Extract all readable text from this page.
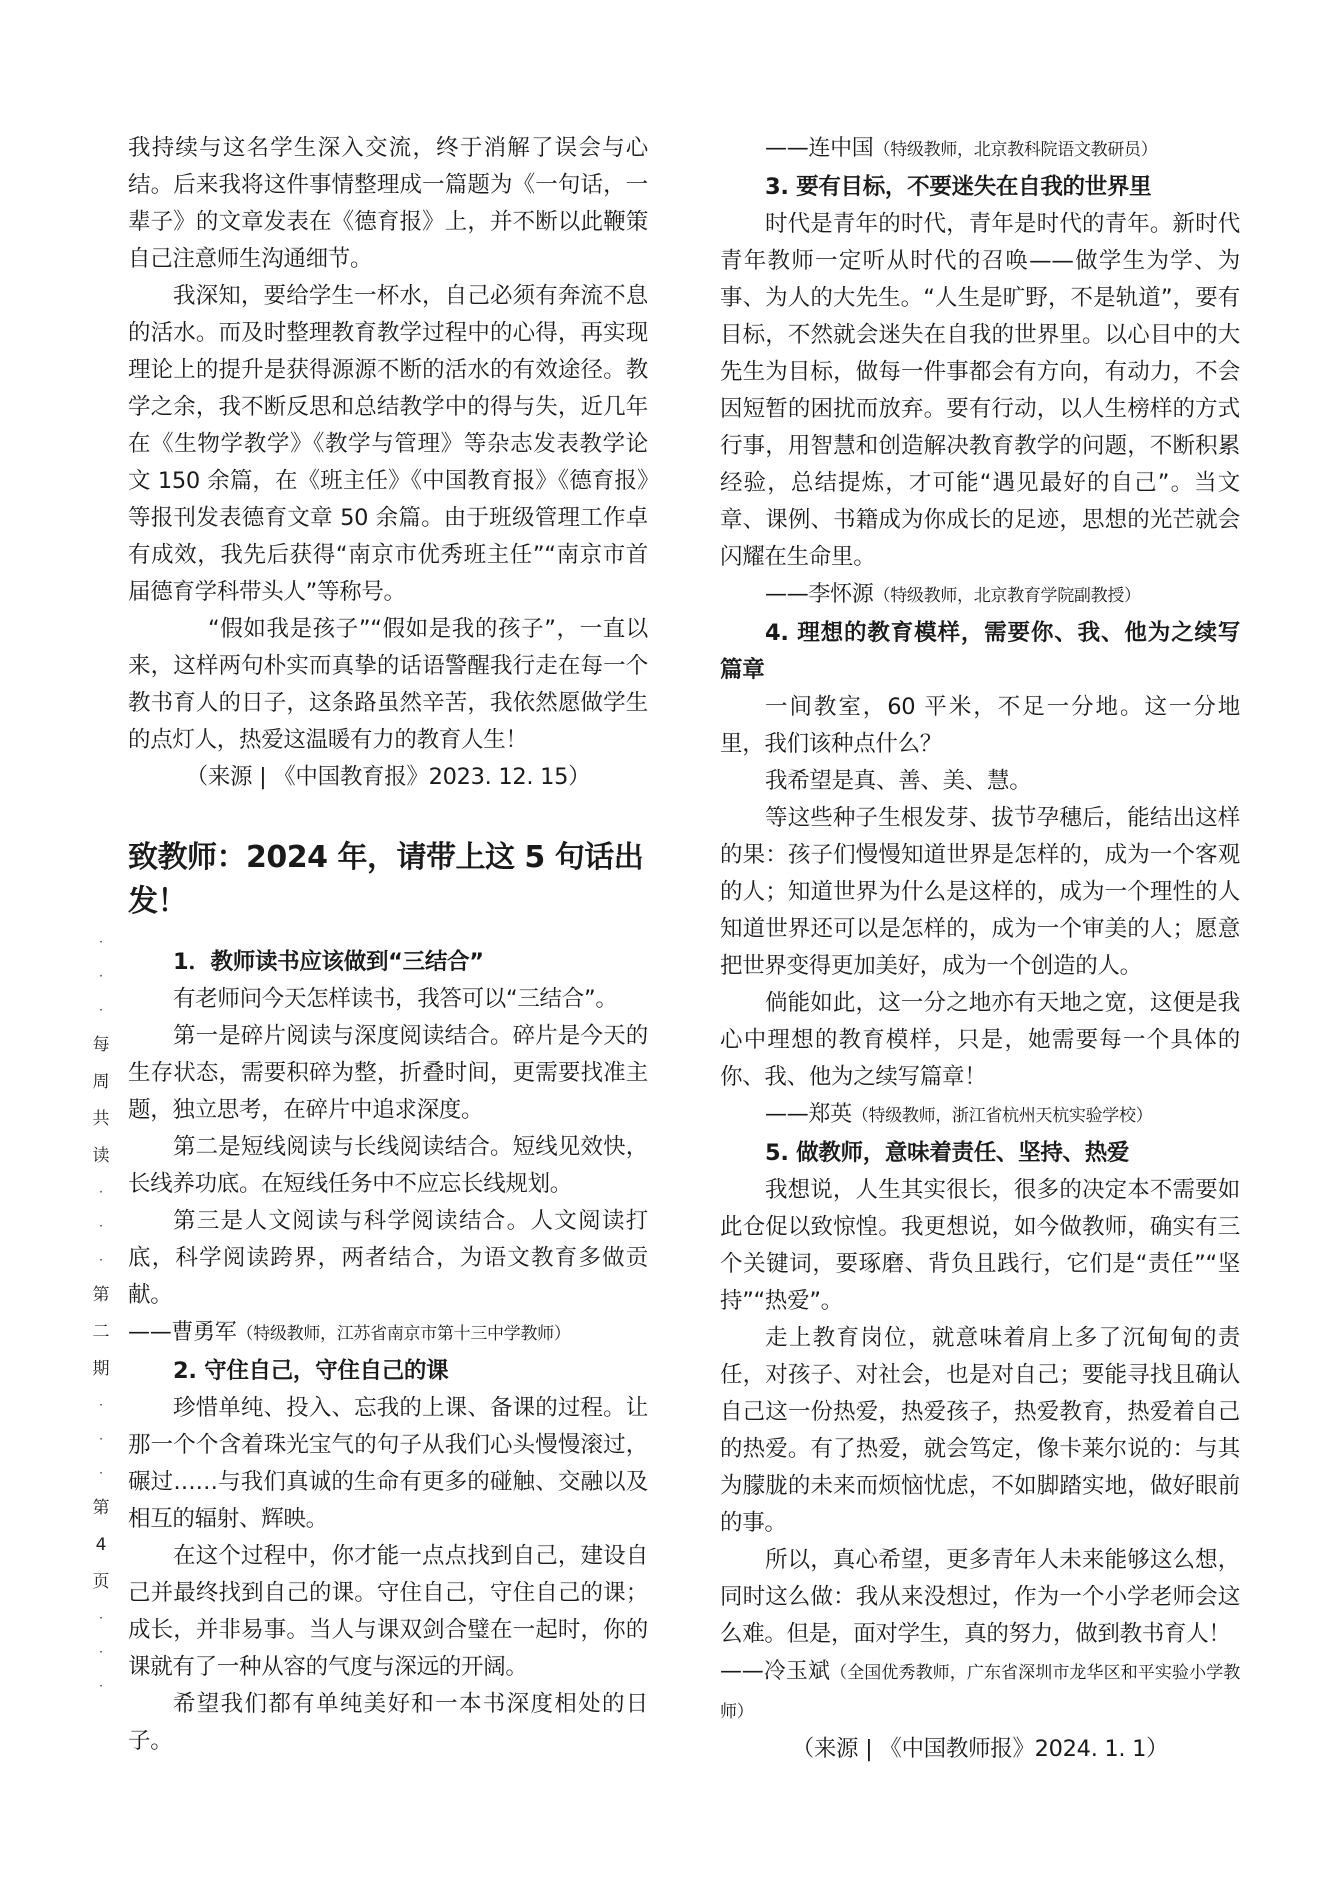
我持续与这名学生深入交流，终于消解了误会与心结。后来我将这件事情整理成一篇题为《一句话，一辈子》的文章发表在《德育报》上，并不断以此鞭策自己注意师生沟通细节。

我深知，要给学生一杯水，自己必须有奔流不息的活水。而及时整理教育教学过程中的心得，再实现理论上的提升是获得源源不断的活水的有效途径。教学之余，我不断反思和总结教学中的得与失，近几年在《生物学教学》《教学与管理》等杂志发表教学论文 150 余篇，在《班主任》《中国教育报》《德育报》等报刊发表德育文章 50 余篇。由于班级管理工作卓有成效，我先后获得“南京市优秀班主任”“南京市首届德育学科带头人”等称号。

“假如我是孩子”“假如是我的孩子”，一直以来，这样两句朴实而真挚的话语警醒我行走在每一个教书育人的日子，这条路虽然辛苦，我依然愿做学生的点灯人，热爱这温暖有力的教育人生！

（来源 | 《中国教育报》2023. 12. 15）

致教师：2024 年，请带上这 5 句话出发！

1．教师读书应该做到“三结合”

有老师问今天怎样读书，我答可以“三结合”。

第一是碎片阅读与深度阅读结合。碎片是今天的生存状态，需要积碎为整，折叠时间，更需要找准主题，独立思考，在碎片中追求深度。

第二是短线阅读与长线阅读结合。短线见效快，长线养功底。在短线任务中不应忘长线规划。

第三是人文阅读与科学阅读结合。人文阅读打底，科学阅读跨界，两者结合，为语文教育多做贡献。

——曹勇军（特级教师，江苏省南京市第十三中学教师）

2. 守住自己，守住自己的课

珍惜单纯、投入、忘我的上课、备课的过程。让那一个个含着珠光宝气的句子从我们心头慢慢滚过，碾过……与我们真诚的生命有更多的碰触、交融以及相互的辐射、辉映。

在这个过程中，你才能一点点找到自己，建设自己并最终找到自己的课。守住自己，守住自己的课；成长，并非易事。当人与课双剑合璧在一起时，你的课就有了一种从容的气度与深远的开阔。

希望我们都有单纯美好和一本书深度相处的日子。

——连中国（特级教师，北京教科院语文教研员）

3. 要有目标，不要迷失在自我的世界里

时代是青年的时代，青年是时代的青年。新时代青年教师一定听从时代的召唤——做学生为学、为事、为人的大先生。“人生是旷野，不是轨道”，要有目标，不然就会迷失在自我的世界里。以心目中的大先生为目标，做每一件事都会有方向，有动力，不会因短暂的困扰而放弃。要有行动，以人生榜样的方式行事，用智慧和创造解决教育教学的问题，不断积累经验，总结提炼，才可能“遇见最好的自己”。当文章、课例、书籍成为你成长的足迹，思想的光芒就会闪耀在生命里。

——李怀源（特级教师，北京教育学院副教授）

4. 理想的教育模样，需要你、我、他为之续写篇章

一间教室，60 平米，不足一分地。这一分地里，我们该种点什么？

我希望是真、善、美、慧。

等这些种子生根发芽、拔节孕穗后，能结出这样的果：孩子们慢慢知道世界是怎样的，成为一个客观的人；知道世界为什么是这样的，成为一个理性的人 知道世界还可以是怎样的，成为一个审美的人；愿意把世界变得更加美好，成为一个创造的人。

倘能如此，这一分之地亦有天地之宽，这便是我心中理想的教育模样，只是，她需要每一个具体的你、我、他为之续写篇章！

——郑英（特级教师，浙江省杭州天杭实验学校）

5. 做教师，意味着责任、坚持、热爱

我想说，人生其实很长，很多的决定本不需要如此仓促以致惊惶。我更想说，如今做教师，确实有三个关键词，要琢磨、背负且践行，它们是“责任”“坚持”“热爱”。

走上教育岗位，就意味着肩上多了沉甸甸的责任，对孩子、对社会，也是对自己；要能寻找且确认自己这一份热爱，热爱孩子，热爱教育，热爱着自己的热爱。有了热爱，就会笃定，像卡莱尔说的：与其为朦胧的未来而烦恼忧虑，不如脚踏实地，做好眼前的事。

所以，真心希望，更多青年人未来能够这么想，同时这么做：我从来没想过，作为一个小学老师会这么难。但是，面对学生，真的努力，做到教书育人！

——冷玉斌（全国优秀教师，广东省深圳市龙华区和平实验小学教师）

（来源 | 《中国教师报》2024. 1. 1）

·
·
·
每
周
共
读
·
·
·
第
二
期
·
·
·
第
4
页
·
·
·
